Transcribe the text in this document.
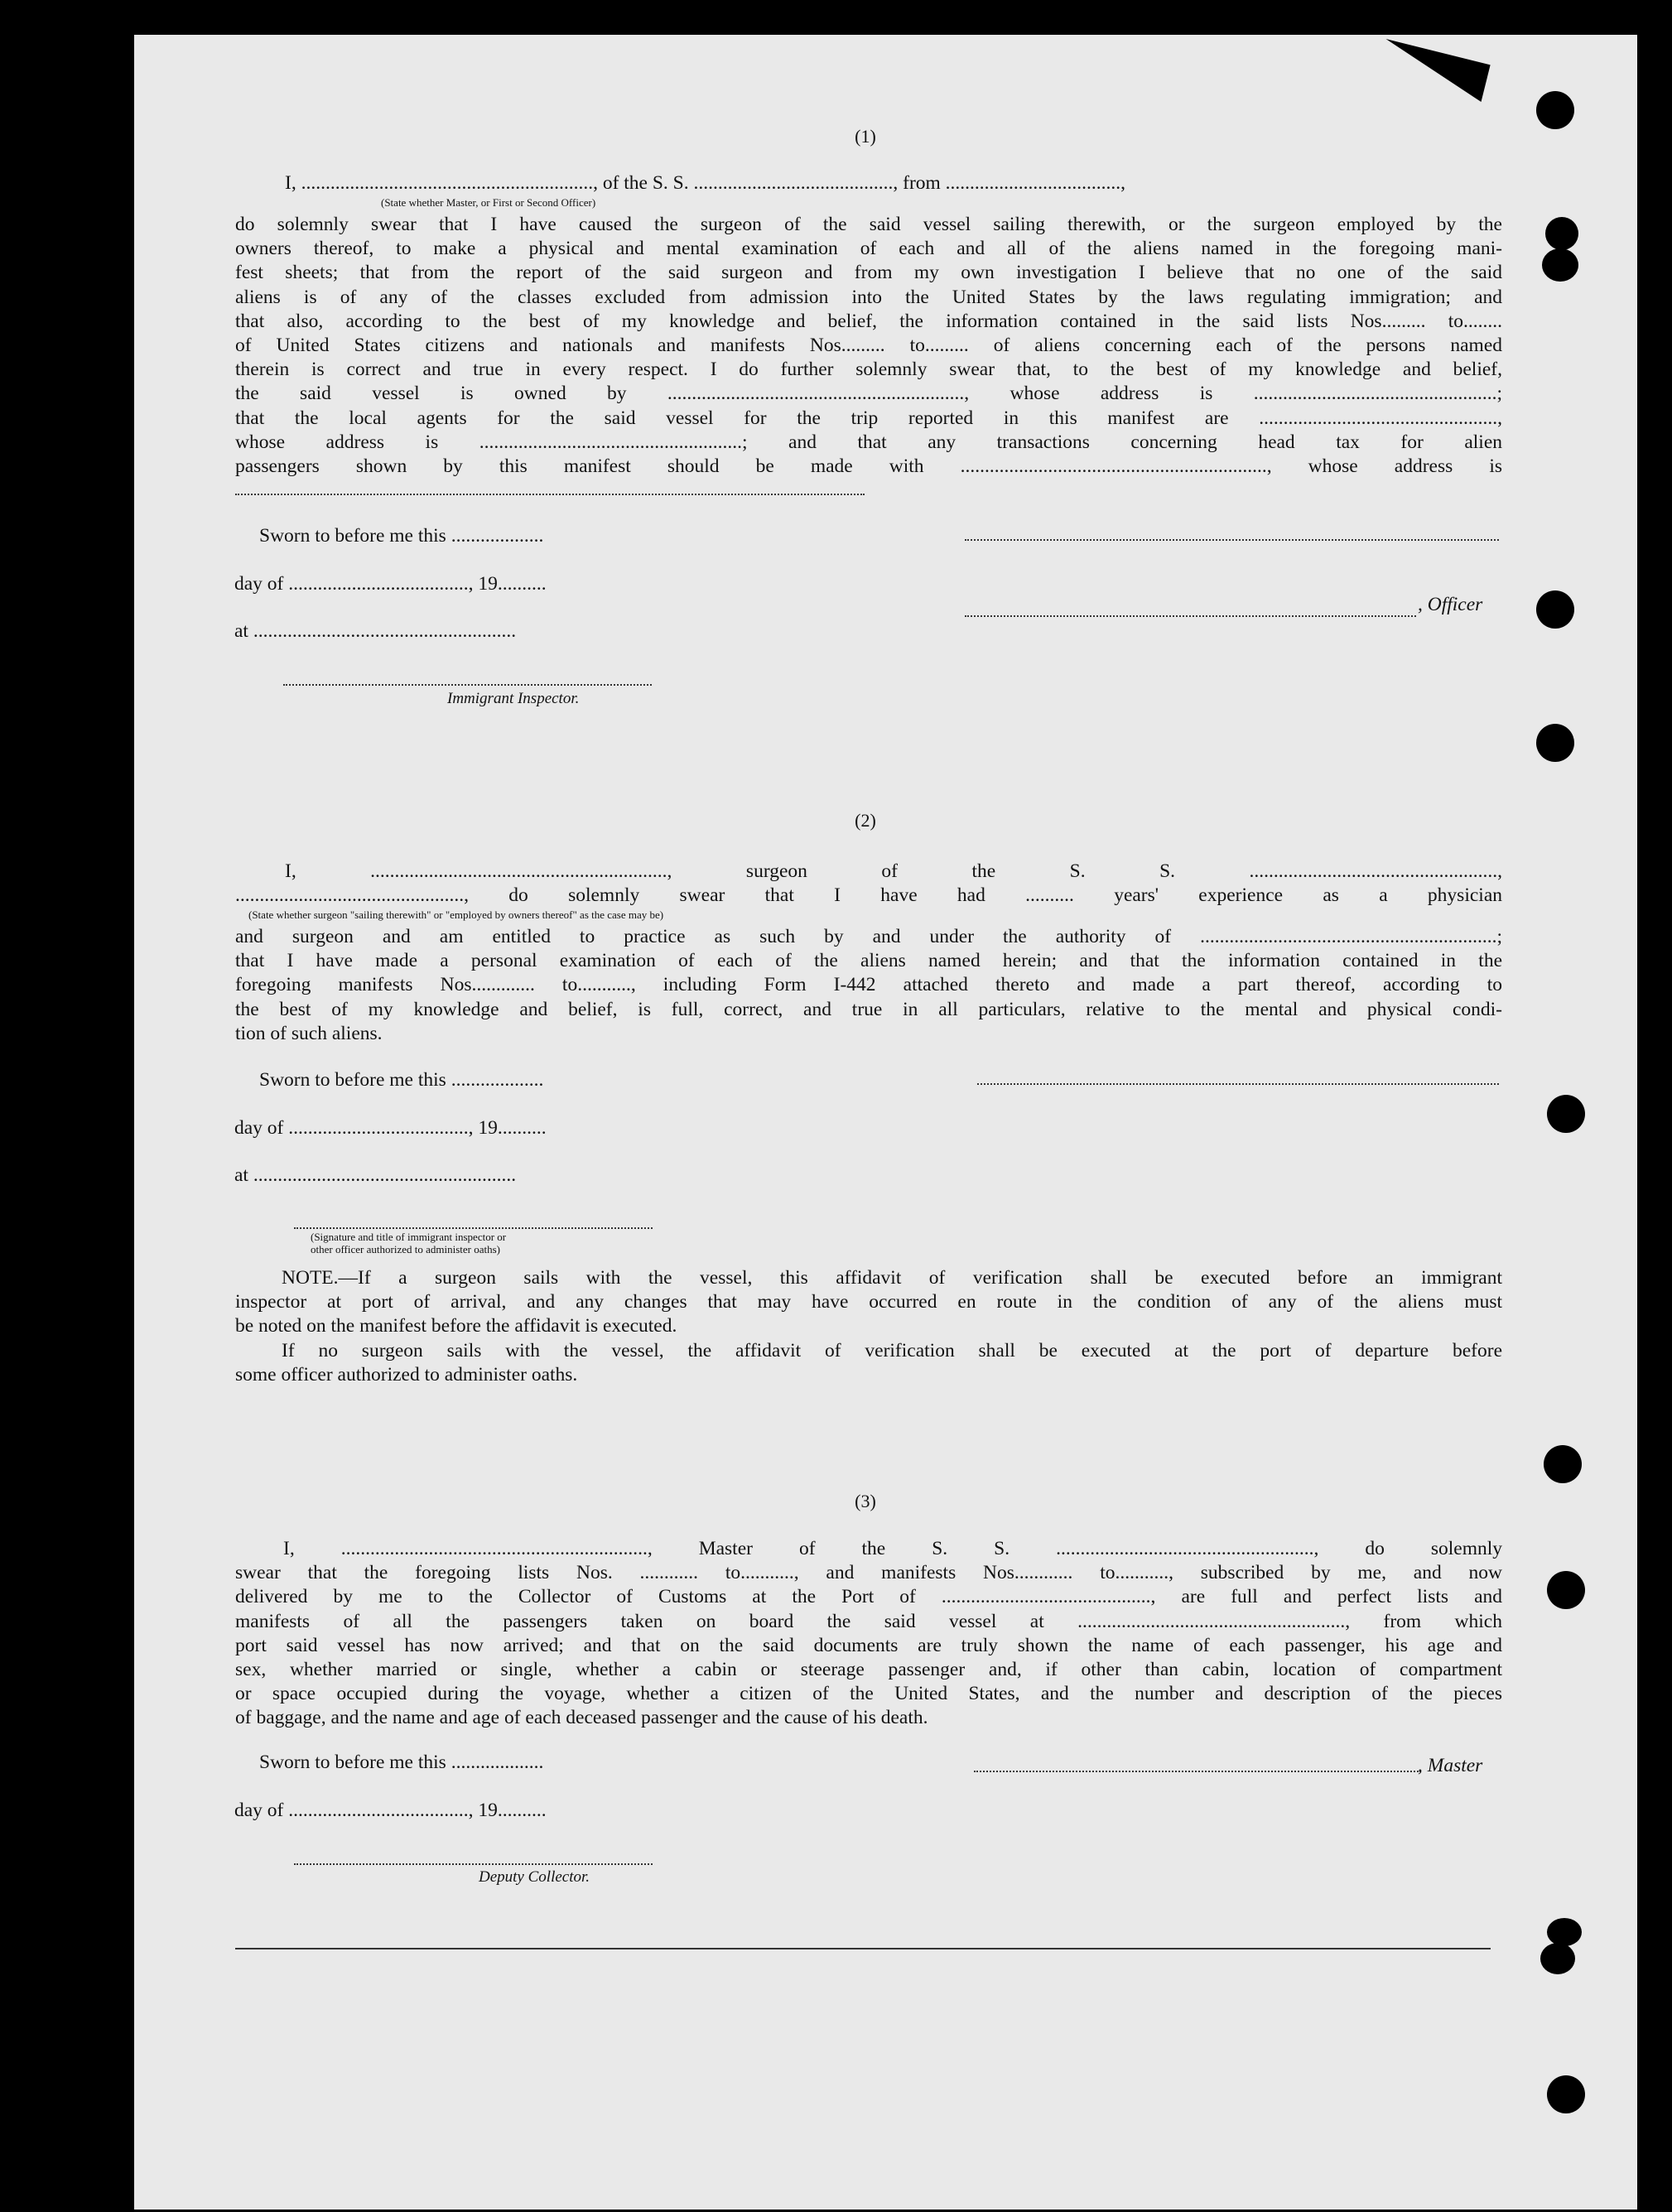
(1)
I, ............................................................, of the S. S. ........................................., from ....................................,
(State whether Master, or First or Second Officer)
do solemnly swear that I have caused the surgeon of the said vessel sailing therewith, or the surgeon employed by the
owners thereof, to make a physical and mental examination of each and all of the aliens named in the foregoing mani-
fest sheets; that from the report of the said surgeon and from my own investigation I believe that no one of the said
aliens is of any of the classes excluded from admission into the United States by the laws regulating immigration; and
that also, according to the best of my knowledge and belief, the information contained in the said lists Nos......... to........
of United States citizens and nationals and manifests Nos......... to......... of aliens concerning each of the persons named
therein is correct and true in every respect. I do further solemnly swear that, to the best of my knowledge and belief,
the said vessel is owned by ............................................................., whose address is ..................................................;
that the local agents for the said vessel for the trip reported in this manifest are .................................................,
whose address is ......................................................; and that any transactions concerning head tax for alien
passengers shown by this manifest should be made with ..............................................................., whose address is
Sworn to before me this ...................
day of ....................................., 19..........
at ......................................................
Immigrant Inspector.
, Officer
(2)
I, ............................................................., surgeon of the S. S. ...................................................,
..............................................., do solemnly swear that I have had .......... years' experience as a physician
(State whether surgeon "sailing therewith" or "employed by owners thereof" as the case may be)
and surgeon and am entitled to practice as such by and under the authority of .............................................................;
that I have made a personal examination of each of the aliens named herein; and that the information contained in the
foregoing manifests Nos............. to..........., including Form I-442 attached thereto and made a part thereof, according to
the best of my knowledge and belief, is full, correct, and true in all particulars, relative to the mental and physical condi-
tion of such aliens.
Sworn to before me this ...................
day of ....................................., 19..........
at ......................................................
(Signature and title of immigrant inspector or
other officer authorized to administer oaths)
NOTE.—If a surgeon sails with the vessel, this affidavit of verification shall be executed before an immigrant
inspector at port of arrival, and any changes that may have occurred en route in the condition of any of the aliens must
be noted on the manifest before the affidavit is executed.
If no surgeon sails with the vessel, the affidavit of verification shall be executed at the port of departure before
some officer authorized to administer oaths.
(3)
I, ..............................................................., Master of the S. S. ....................................................., do solemnly
swear that the foregoing lists Nos. ............ to..........., and manifests Nos............ to..........., subscribed by me, and now
delivered by me to the Collector of Customs at the Port of ..........................................., are full and perfect lists and
manifests of all the passengers taken on board the said vessel at ......................................................., from which
port said vessel has now arrived; and that on the said documents are truly shown the name of each passenger, his age and
sex, whether married or single, whether a cabin or steerage passenger and, if other than cabin, location of compartment
or space occupied during the voyage, whether a citizen of the United States, and the number and description of the pieces
of baggage, and the name and age of each deceased passenger and the cause of his death.
Sworn to before me this ...................
day of ....................................., 19..........
, Master
Deputy Collector.
